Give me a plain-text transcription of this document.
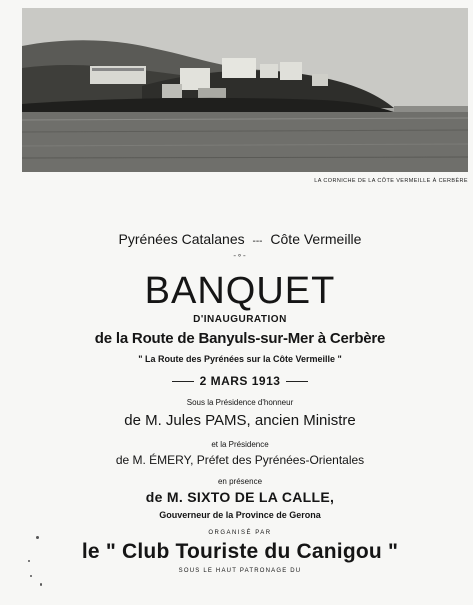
LA CORNICHE DE LA CÔTE VERMEILLE À CERBÈRE
Pyrénées Catalanes --- Côte Vermeille
-∘-
BANQUET
D'INAUGURATION
de la Route de Banyuls-sur-Mer à Cerbère
" La Route des Pyrénées sur la Côte Vermeille "
2 MARS 1913
Sous la Présidence d'honneur
de M. Jules PAMS, ancien Ministre
et la Présidence
de M. ÉMERY, Préfet des Pyrénées-Orientales
en présence
de M. SIXTO DE LA CALLE,
Gouverneur de la Province de Gerona
ORGANISÉ PAR
le " Club Touriste du Canigou "
SOUS LE HAUT PATRONAGE DU
